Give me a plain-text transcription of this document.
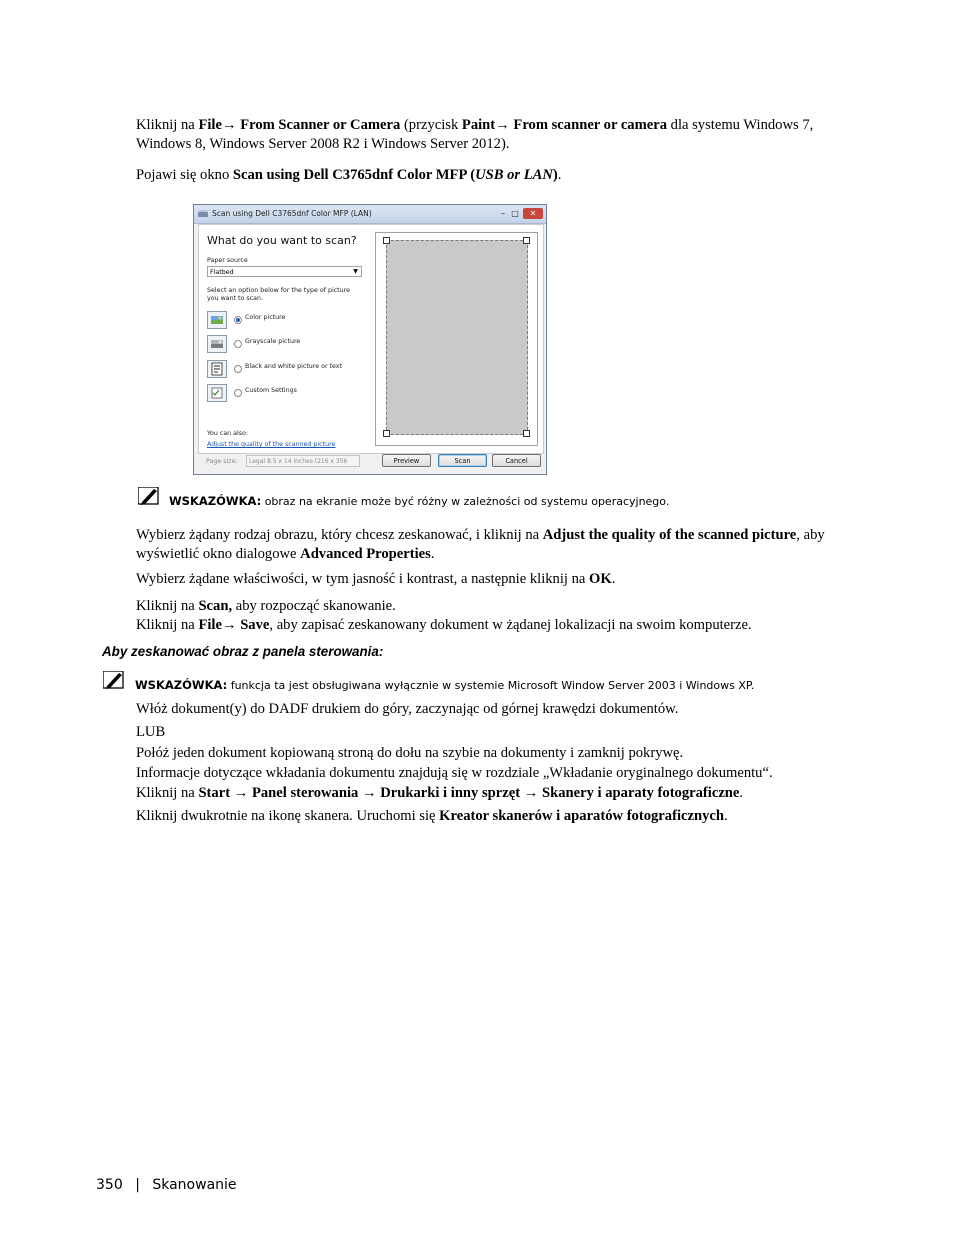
Kliknij na File→ From Scanner or Camera (przycisk Paint→ From scanner or camera dla systemu Windows 7, Windows 8, Windows Server 2008 R2 i Windows Server 2012).

Pojawi się okno Scan using Dell C3765dnf Color MFP (USB or LAN).

Scan using Dell C3765dnf Color MFP (LAN)	– □	✕
What do you want to scan?
Paper source
Flatbed	▼
Select an option below for the type of picture you want to scan.
Color picture
Grayscale picture
Black and white picture or text
Custom Settings
You can also:
Adjust the quality of the scanned picture
Page size:	Legal 8.5 x 14 inches (216 x 356	Preview	Scan	Cancel
WSKAZÓWKA: obraz na ekranie może być różny w zależności od systemu operacyjnego.

Wybierz żądany rodzaj obrazu, który chcesz zeskanować, i kliknij na Adjust the quality of the scanned picture, aby wyświetlić okno dialogowe Advanced Properties.

Wybierz żądane właściwości, w tym jasność i kontrast, a następnie kliknij na OK.

Kliknij na Scan, aby rozpocząć skanowanie.

Kliknij na File→ Save, aby zapisać zeskanowany dokument w żądanej lokalizacji na swoim komputerze.

Aby zeskanować obraz z panela sterowania:
WSKAZÓWKA: funkcja ta jest obsługiwana wyłącznie w systemie Microsoft Window Server 2003 i Windows XP.

Włóż dokument(y) do DADF drukiem do góry, zaczynając od górnej krawędzi dokumentów.

LUB

Połóż jeden dokument kopiowaną stroną do dołu na szybie na dokumenty i zamknij pokrywę.

Informacje dotyczące wkładania dokumentu znajdują się w rozdziale „Wkładanie oryginalnego dokumentu“.

Kliknij na Start → Panel sterowania → Drukarki i inny sprzęt → Skanery i aparaty fotograficzne.

Kliknij dwukrotnie na ikonę skanera. Uruchomi się Kreator skanerów i aparatów fotograficznych.

350 | Skanowanie
